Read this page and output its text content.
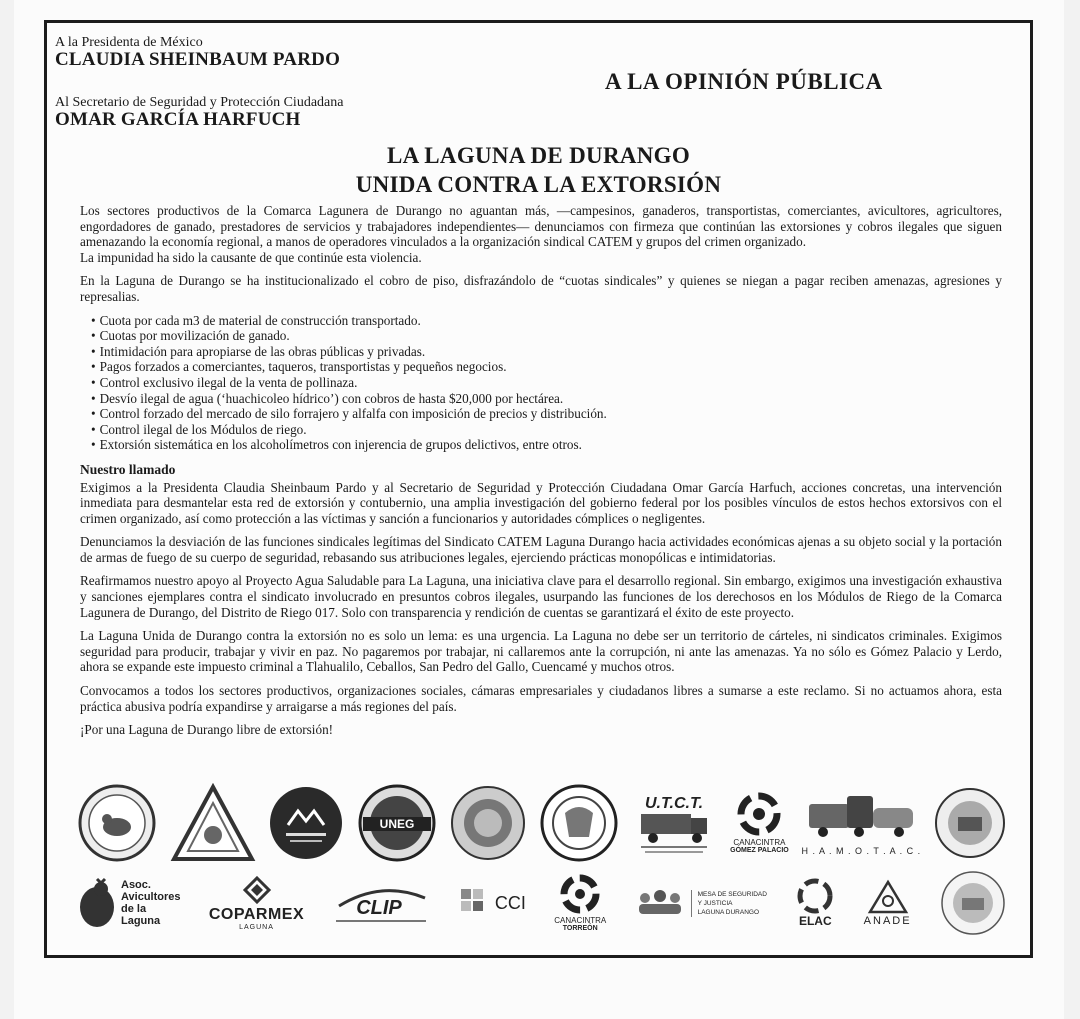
A la Presidenta de México
CLAUDIA SHEINBAUM PARDO
Al Secretario de Seguridad y Protección Ciudadana
OMAR GARCÍA HARFUCH
A LA OPINIÓN PÚBLICA
LA LAGUNA DE DURANGO
UNIDA CONTRA LA EXTORSIÓN

Los sectores productivos de la Comarca Lagunera de Durango no aguantan más, —campesinos, ganaderos, transportistas, comerciantes, avicultores, agricultores, engordadores de ganado, prestadores de servicios y trabajadores independientes— denunciamos con firmeza que continúan las extorsiones y cobros ilegales que siguen amenazando la economía regional, a manos de operadores vinculados a la organización sindical CATEM y grupos del crimen organizado.
La impunidad ha sido la causante de que continúe esta violencia.

En la Laguna de Durango se ha institucionalizado el cobro de piso, disfrazándolo de “cuotas sindicales” y quienes se niegan a pagar reciben amenazas, agresiones y represalias.

• Cuota por cada m3 de material de construcción transportado.
• Cuotas por movilización de ganado.
• Intimidación para apropiarse de las obras públicas y privadas.
• Pagos forzados a comerciantes, taqueros, transportistas y pequeños negocios.
• Control exclusivo ilegal de la venta de pollinaza.
• Desvío ilegal de agua (‘huachicoleo hídrico’) con cobros de hasta $20,000 por hectárea.
• Control forzado del mercado de silo forrajero y alfalfa con imposición de precios y distribución.
• Control ilegal de los Módulos de riego.
• Extorsión sistemática en los alcoholímetros con injerencia de grupos delictivos, entre otros.
Nuestro llamado

Exigimos a la Presidenta Claudia Sheinbaum Pardo y al Secretario de Seguridad y Protección Ciudadana Omar García Harfuch, acciones concretas, una intervención inmediata para desmantelar esta red de extorsión y contubernio, una amplia investigación del gobierno federal por los posibles vínculos de estos hechos extorsivos con el crimen organizado, así como protección a las víctimas y sanción a funcionarios y autoridades cómplices o negligentes.

Denunciamos la desviación de las funciones sindicales legítimas del Sindicato CATEM Laguna Durango hacia actividades económicas ajenas a su objeto social y la portación de armas de fuego de su cuerpo de seguridad, rebasando sus atribuciones legales, ejerciendo prácticas monopólicas e intimidatorias.

Reafirmamos nuestro apoyo al Proyecto Agua Saludable para La Laguna, una iniciativa clave para el desarrollo regional. Sin embargo, exigimos una investigación exhaustiva y sanciones ejemplares contra el sindicato involucrado en presuntos cobros ilegales, usurpando las funciones de los derechosos en los Módulos de Riego de la Comarca Lagunera de Durango, del Distrito de Riego 017. Solo con transparencia y rendición de cuentas se garantizará el éxito de este proyecto.

La Laguna Unida de Durango contra la extorsión no es solo un lema: es una urgencia. La Laguna no debe ser un territorio de cárteles, ni sindicatos criminales. Exigimos seguridad para producir, trabajar y vivir en paz. No pagaremos por trabajar, ni callaremos ante la corrupción, ni ante las amenazas. Ya no sólo es Gómez Palacio y Lerdo, ahora se expande este impuesto criminal a Tlahualilo, Ceballos, San Pedro del Gallo, Cuencamé y muchos otros.

Convocamos a todos los sectores productivos, organizaciones sociales, cámaras empresariales y ciudadanos libres a sumarse a este reclamo. Si no actuamos ahora, esta práctica abusiva podría expandirse y arraigarse a más regiones del país.

¡Por una Laguna de Durango libre de extorsión!

UNEG
U.T.C.T.
CANACINTRA
GÓMEZ PALACIO H . A . M . O . T . A . C .
Asoc.
Avicultores
de la
Laguna	COPARMEX
LAGUNA
CLIP	CCI
CANACINTRA
TORREÓN
MESA DE SEGURIDAD
Y JUSTICIA
LAGUNA DURANGO
ELAC	ANADE
